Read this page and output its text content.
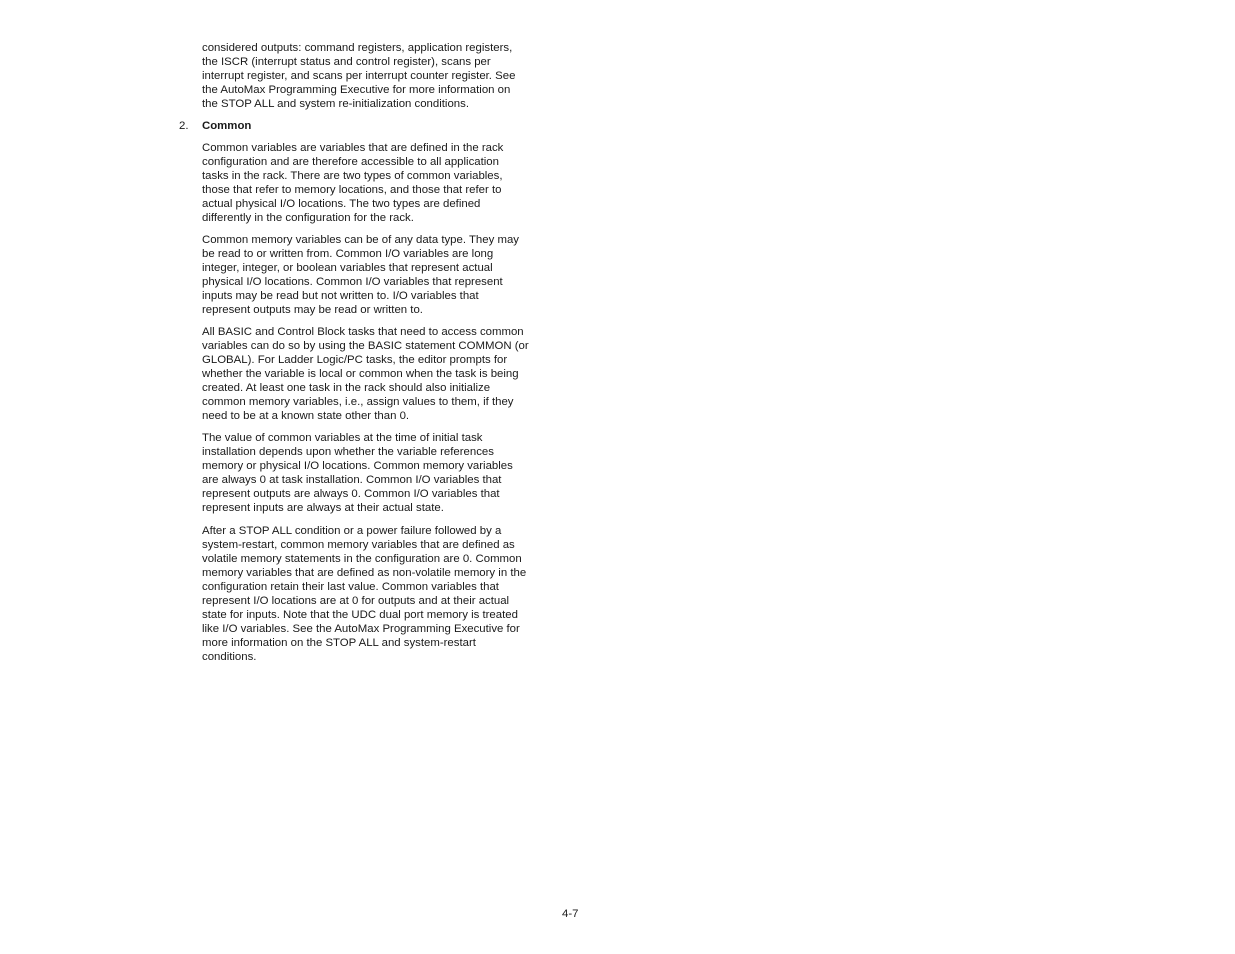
considered outputs: command registers, application registers,
the ISCR (interrupt status and control register), scans per
interrupt register, and scans per interrupt counter register. See
the AutoMax Programming Executive for more information on
the STOP ALL and system re-initialization conditions.

2. Common

Common variables are variables that are defined in the rack
configuration and are therefore accessible to all application
tasks in the rack. There are two types of common variables,
those that refer to memory locations, and those that refer to
actual physical I/O locations. The two types are defined
differently in the configuration for the rack.

Common memory variables can be of any data type. They may
be read to or written from. Common I/O variables are long
integer, integer, or boolean variables that represent actual
physical I/O locations. Common I/O variables that represent
inputs may be read but not written to. I/O variables that
represent outputs may be read or written to.

All BASIC and Control Block tasks that need to access common
variables can do so by using the BASIC statement COMMON (or
GLOBAL). For Ladder Logic/PC tasks, the editor prompts for
whether the variable is local or common when the task is being
created. At least one task in the rack should also initialize
common memory variables, i.e., assign values to them, if they
need to be at a known state other than 0.

The value of common variables at the time of initial task
installation depends upon whether the variable references
memory or physical I/O locations. Common memory variables
are always 0 at task installation. Common I/O variables that
represent outputs are always 0. Common I/O variables that
represent inputs are always at their actual state.

After a STOP ALL condition or a power failure followed by a
system-restart, common memory variables that are defined as
volatile memory statements in the configuration are 0. Common
memory variables that are defined as non-volatile memory in the
configuration retain their last value. Common variables that
represent I/O locations are at 0 for outputs and at their actual
state for inputs. Note that the UDC dual port memory is treated
like I/O variables. See the AutoMax Programming Executive for
more information on the STOP ALL and system-restart
conditions.

4-7
